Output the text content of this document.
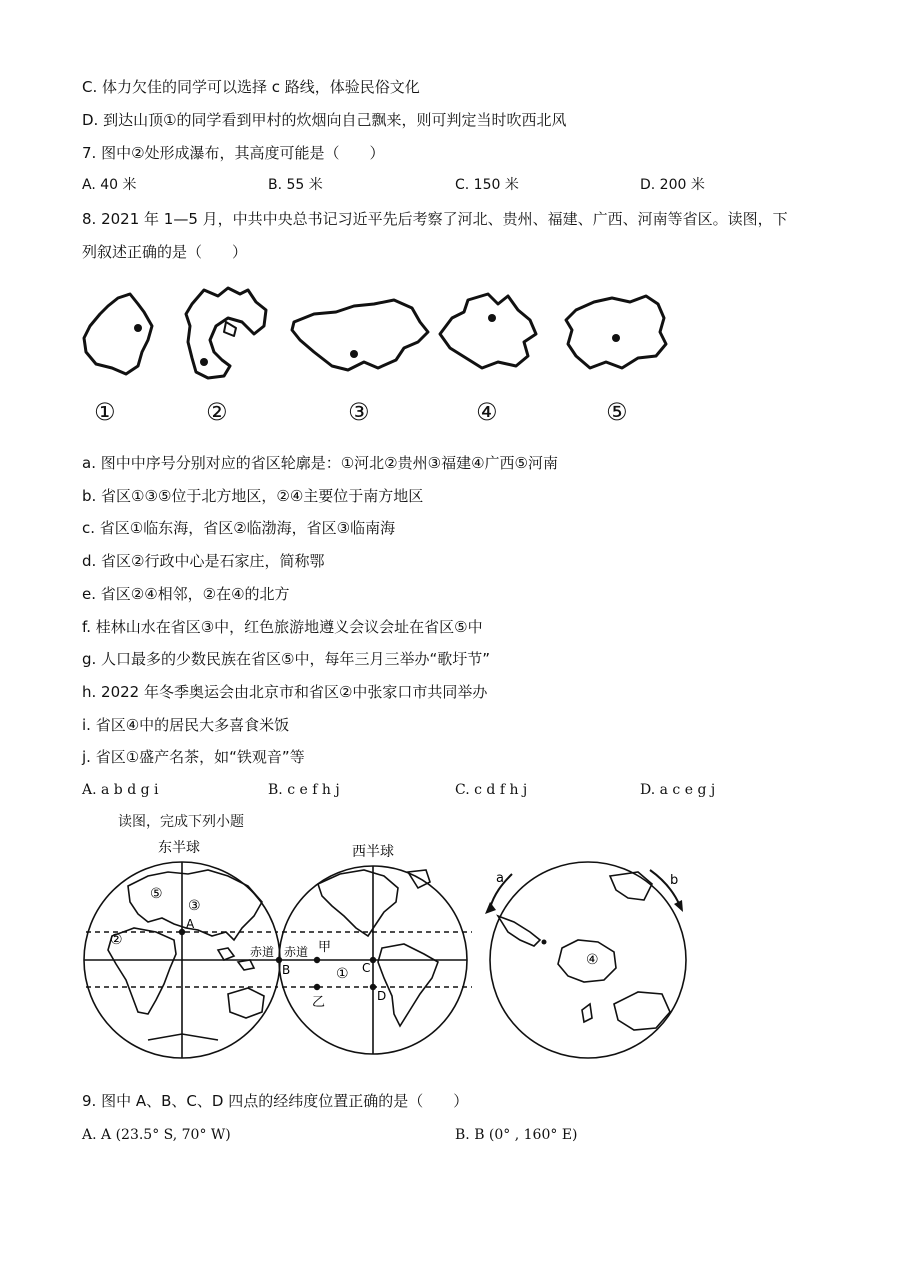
C. 体力欠佳的同学可以选择 c 路线，体验民俗文化
D. 到达山顶①的同学看到甲村的炊烟向自己飘来，则可判定当时吹西北风
7. 图中②处形成瀑布，其高度可能是（　　）
A. 40 米	B. 55 米	C. 150 米	D. 200 米
8. 2021 年 1—5 月，中共中央总书记习近平先后考察了河北、贵州、福建、广西、河南等省区。读图，下
列叙述正确的是（　　）
①	②	③	④	⑤
a. 图中中序号分别对应的省区轮廓是：①河北②贵州③福建④广西⑤河南
b. 省区①③⑤位于北方地区，②④主要位于南方地区
c. 省区①临东海，省区②临渤海，省区③临南海
d. 省区②行政中心是石家庄，简称鄂
e. 省区②④相邻，②在④的北方
f. 桂林山水在省区③中，红色旅游地遵义会议会址在省区⑤中
g. 人口最多的少数民族在省区⑤中，每年三月三举办“歌圩节”
h. 2022 年冬季奥运会由北京市和省区②中张家口市共同举办
i. 省区④中的居民大多喜食米饭
j. 省区①盛产名茶，如“铁观音”等
A. a b d g i	B. c e f h j	C. c d f h j	D. a c e g j
读图，完成下列小题
东半球	西半球
赤道 赤道
A
B	C
D
甲
乙
①
②
③
④
⑤
a	b
9. 图中 A、B、C、D 四点的经纬度位置正确的是（　　）
A. A (23.5° S, 70° W)	B. B (0° , 160° E)
